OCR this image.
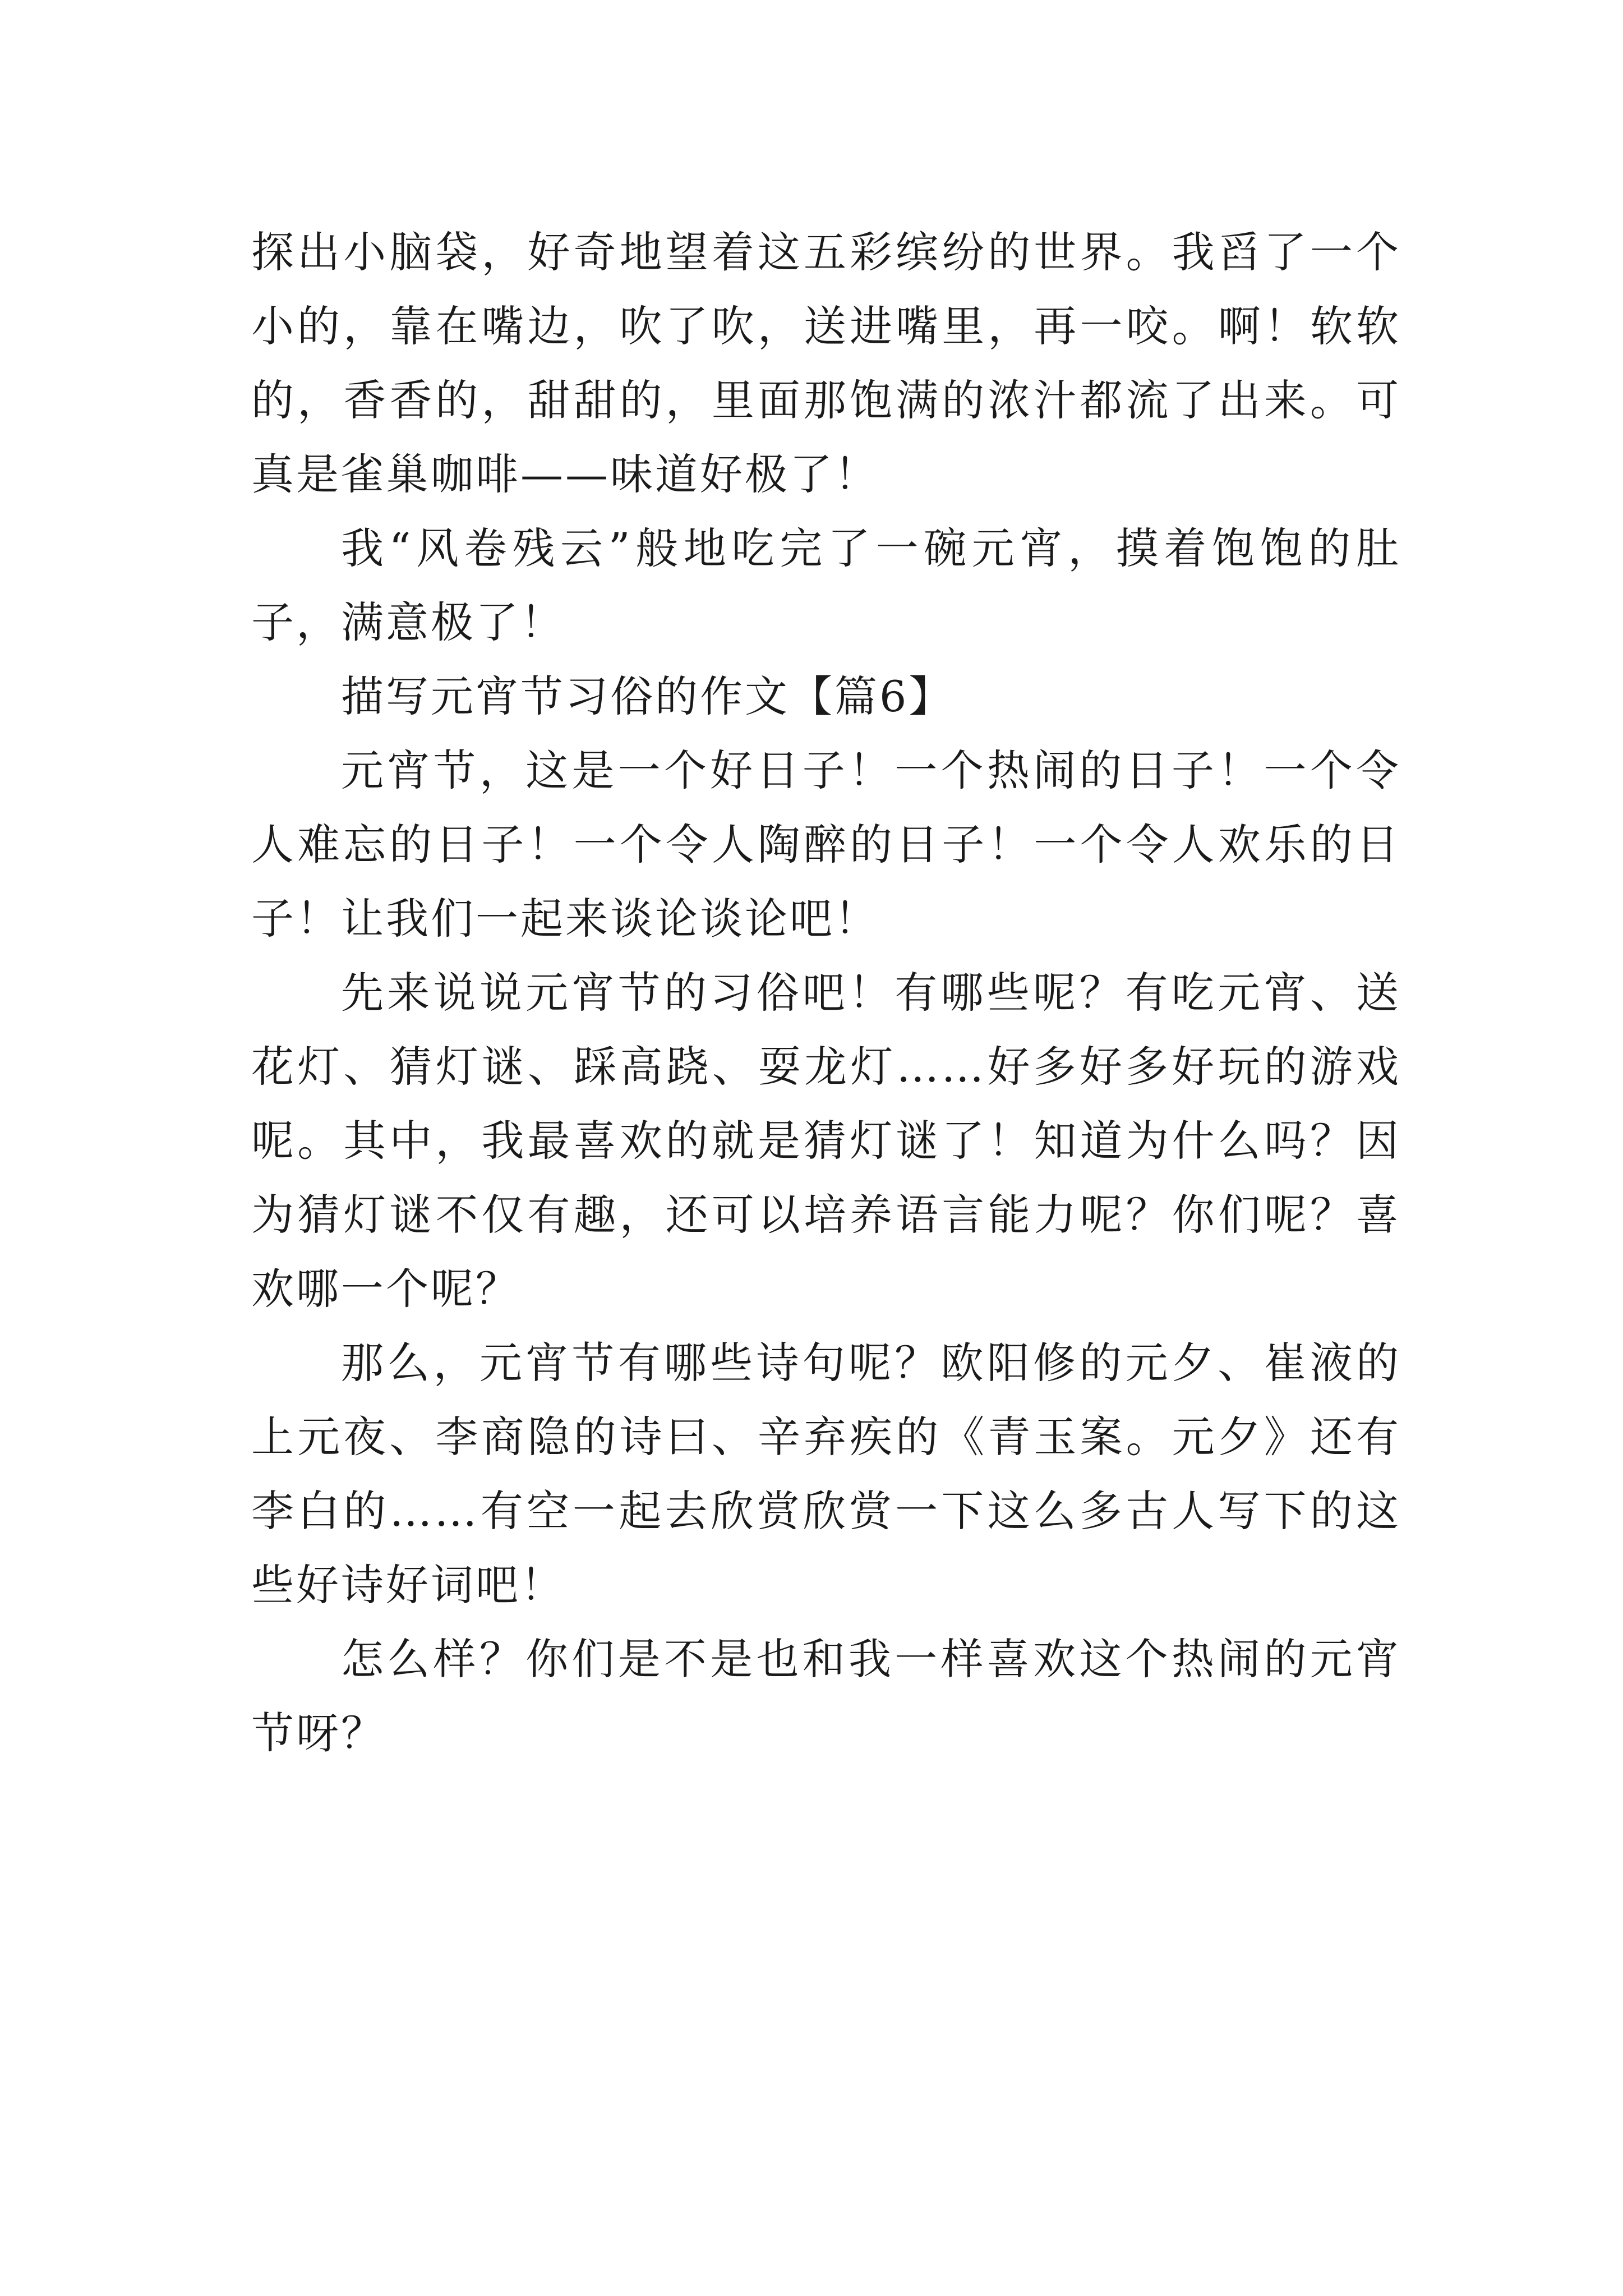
探出小脑袋，好奇地望着这五彩缤纷的世界。我舀了一个小的，靠在嘴边，吹了吹，送进嘴里，再一咬。啊！软软的，香香的，甜甜的，里面那饱满的浓汁都流了出来。可真是雀巢咖啡——味道好极了！

我“风卷残云”般地吃完了一碗元宵，摸着饱饱的肚子，满意极了！

描写元宵节习俗的作文【篇6】

元宵节，这是一个好日子！一个热闹的日子！一个令人难忘的日子！一个令人陶醉的日子！一个令人欢乐的日子！让我们一起来谈论谈论吧！

先来说说元宵节的习俗吧！有哪些呢？有吃元宵、送花灯、猜灯谜、踩高跷、耍龙灯……好多好多好玩的游戏呢。其中，我最喜欢的就是猜灯谜了！知道为什么吗？因为猜灯谜不仅有趣，还可以培养语言能力呢？你们呢？喜欢哪一个呢？

那么，元宵节有哪些诗句呢？欧阳修的元夕、崔液的上元夜、李商隐的诗曰、辛弃疾的《青玉案。元夕》还有李白的……有空一起去欣赏欣赏一下这么多古人写下的这些好诗好词吧！

怎么样？你们是不是也和我一样喜欢这个热闹的元宵节呀？
